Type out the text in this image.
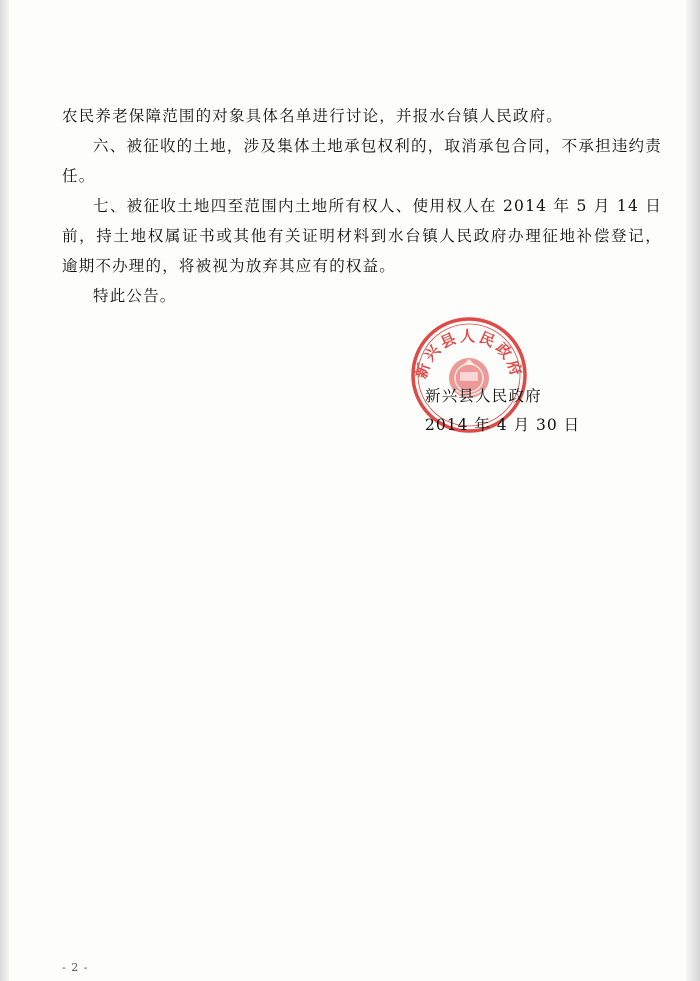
农民养老保障范围的对象具体名单进行讨论，并报水台镇人民政府。

六、被征收的土地，涉及集体土地承包权利的，取消承包合同，不承担违约责任。

七、被征收土地四至范围内土地所有权人、使用权人在 2014 年 5 月 14 日前，持土地权属证书或其他有关证明材料到水台镇人民政府办理征地补偿登记，逾期不办理的，将被视为放弃其应有的权益。

特此公告。

新兴县人民政府
新兴县人民政府
2014 年 4 月 30 日
- 2 -
